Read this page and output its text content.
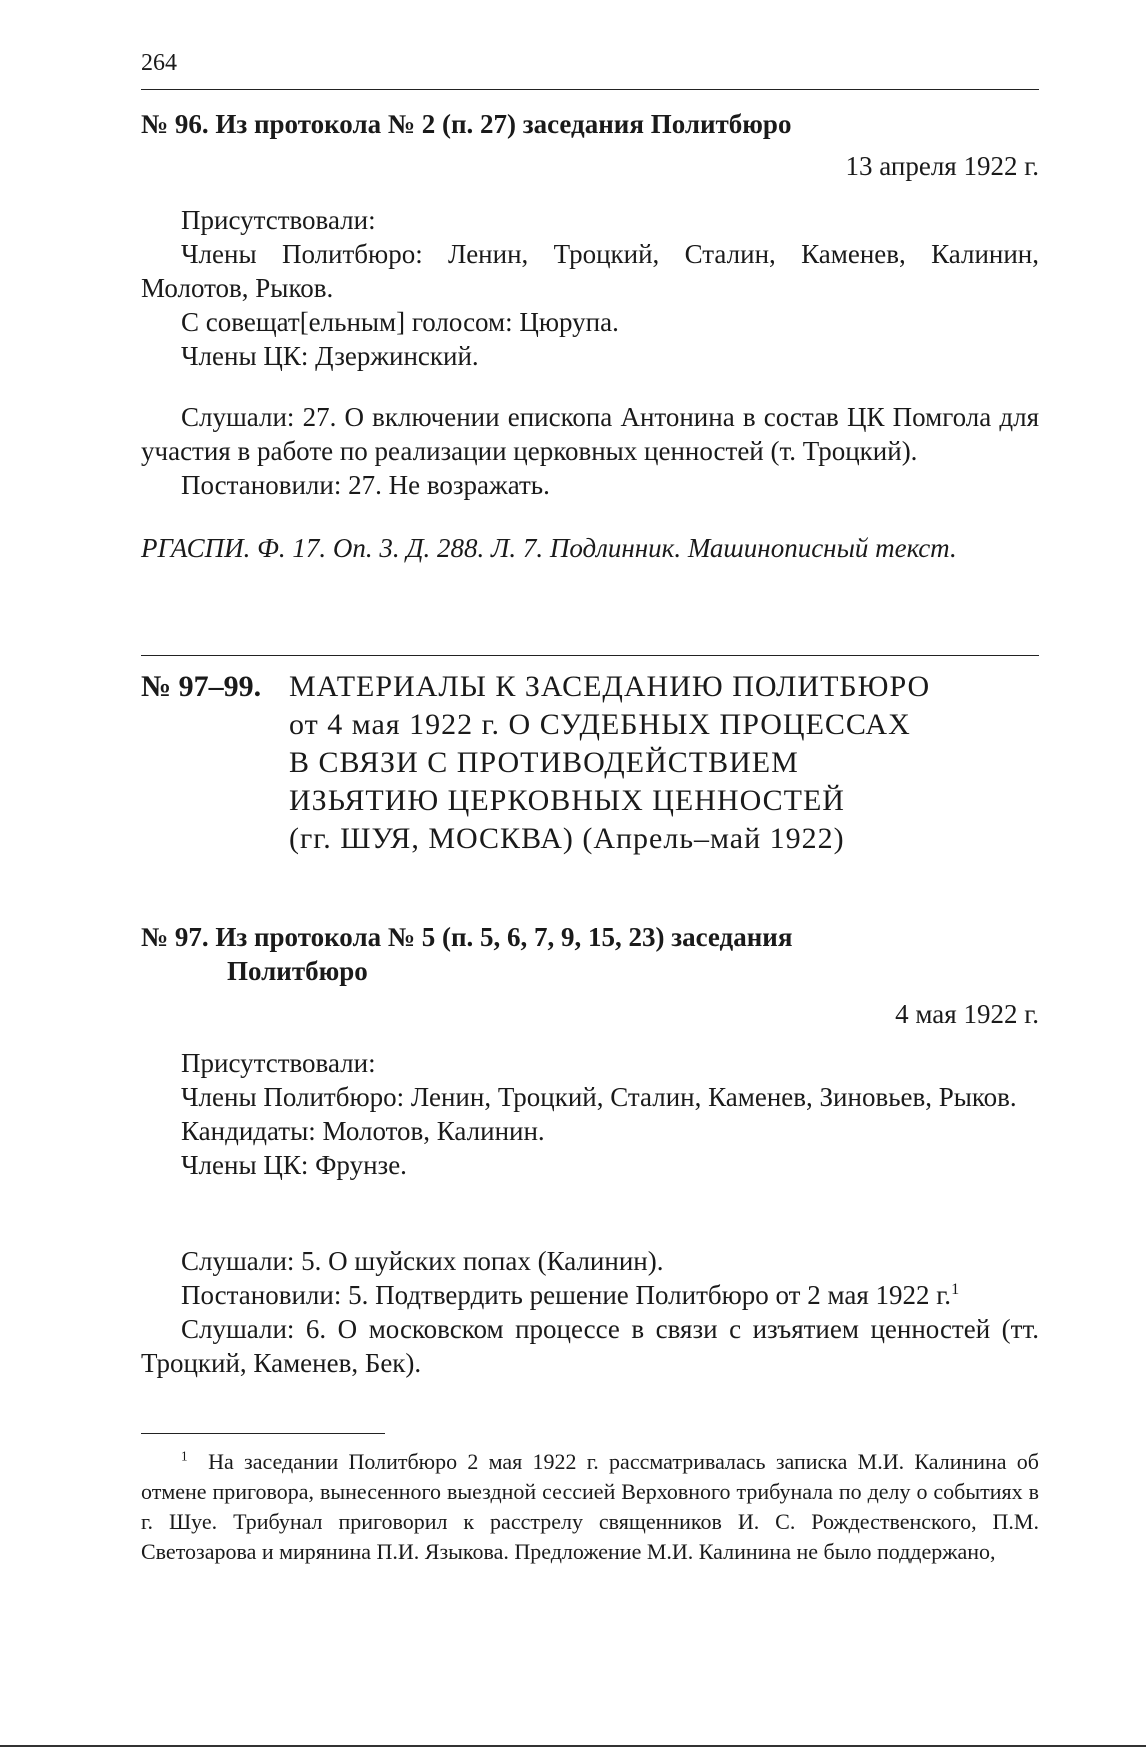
264
№ 96. Из протокола № 2 (п. 27) заседания Политбюро
13 апреля 1922 г.

Присутствовали:

Члены Политбюро: Ленин, Троцкий, Сталин, Каменев, Калинин, Молотов, Рыков.

С совещат[ельным] голосом: Цюрупа.

Члены ЦК: Дзержинский.

Слушали: 27. О включении епископа Антонина в состав ЦК Помгола для участия в работе по реализации церковных ценностей (т. Троцкий).

Постановили: 27. Не возражать.

РГАСПИ. Ф. 17. Оп. 3. Д. 288. Л. 7. Подлинник. Машинописный текст.
№ 97–99. МАТЕРИАЛЫ К ЗАСЕДАНИЮ ПОЛИТБЮРО
от 4 мая 1922 г. О СУДЕБНЫХ ПРОЦЕССАХ
В СВЯЗИ С ПРОТИВОДЕЙСТВИЕМ
ИЗЬЯТИЮ ЦЕРКОВНЫХ ЦЕННОСТЕЙ
(гг. ШУЯ, МОСКВА) (Апрель–май 1922)
№ 97. Из протокола № 5 (п. 5, 6, 7, 9, 15, 23) заседания
Политбюро
4 мая 1922 г.

Присутствовали:

Члены Политбюро: Ленин, Троцкий, Сталин, Каменев, Зиновьев, Рыков.

Кандидаты: Молотов, Калинин.

Члены ЦК: Фрунзе.

Слушали: 5. О шуйских попах (Калинин).

Постановили: 5. Подтвердить решение Политбюро от 2 мая 1922 г.$^1$

Слушали: 6. О московском процессе в связи с изъятием ценностей (тт. Троцкий, Каменев, Бек).

$^1$ На заседании Политбюро 2 мая 1922 г. рассматривалась записка М.И. Калинина об отмене приговора, вынесенного выездной сессией Верховного трибунала по делу о событиях в г. Шуе. Трибунал приговорил к расстрелу священников И. С. Рождественского, П.М. Светозарова и мирянина П.И. Языкова. Предложение М.И. Калинина не было поддержано,
